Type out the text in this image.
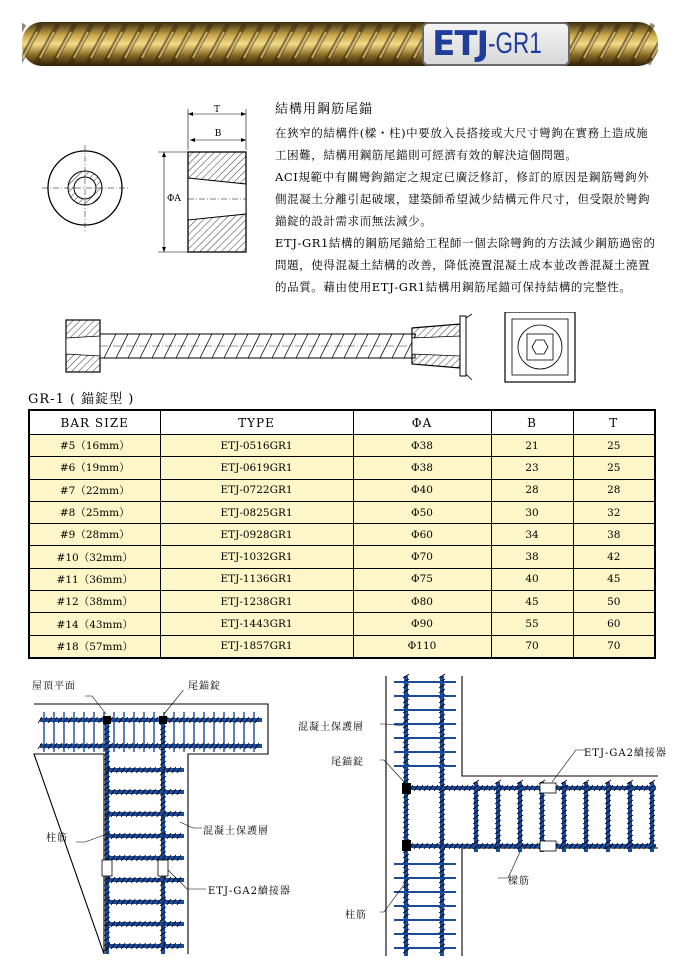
ETJ -GR1
T
B
ΦA
結構用鋼筋尾錨

在狹窄的結構件(樑・柱)中要放入長搭接或大尺寸彎鉤在實務上造成施工困難，結構用鋼筋尾錨則可經濟有效的解決這個問題。

ACI規範中有關彎鉤錨定之規定已廣泛修訂，修訂的原因是鋼筋彎鉤外側混凝土分離引起破壞，建築師希望減少結構元件尺寸，但受限於彎鉤錨錠的設計需求而無法減少。

ETJ-GR1結構的鋼筋尾錨給工程師一個去除彎鉤的方法減少鋼筋過密的問題，使得混凝土結構的改善，降低澆置混凝土成本並改善混凝土澆置的品質。藉由使用ETJ-GR1結構用鋼筋尾錨可保持結構的完整性。

GR-1 ( 錨錠型 )
BAR SIZE	TYPE	ΦA	B	T
#5（16mm）	ETJ-0516GR1	Φ38	21	25
#6（19mm）	ETJ-0619GR1	Φ38	23	25
#7（22mm）	ETJ-0722GR1	Φ40	28	28
#8（25mm）	ETJ-0825GR1	Φ50	30	32
#9（28mm）	ETJ-0928GR1	Φ60	34	38
#10（32mm）	ETJ-1032GR1	Φ70	38	42
#11（36mm）	ETJ-1136GR1	Φ75	40	45
#12（38mm）	ETJ-1238GR1	Φ80	45	50
#14（43mm）	ETJ-1443GR1	Φ90	55	60
#18（57mm）	ETJ-1857GR1	Φ110	70	70
屋頂平面	尾錨錠
柱筋
混凝土保護層
ETJ-GA2續接器
混凝土保護層
尾錨錠
ETJ-GA2續接器
樑筋
柱筋
